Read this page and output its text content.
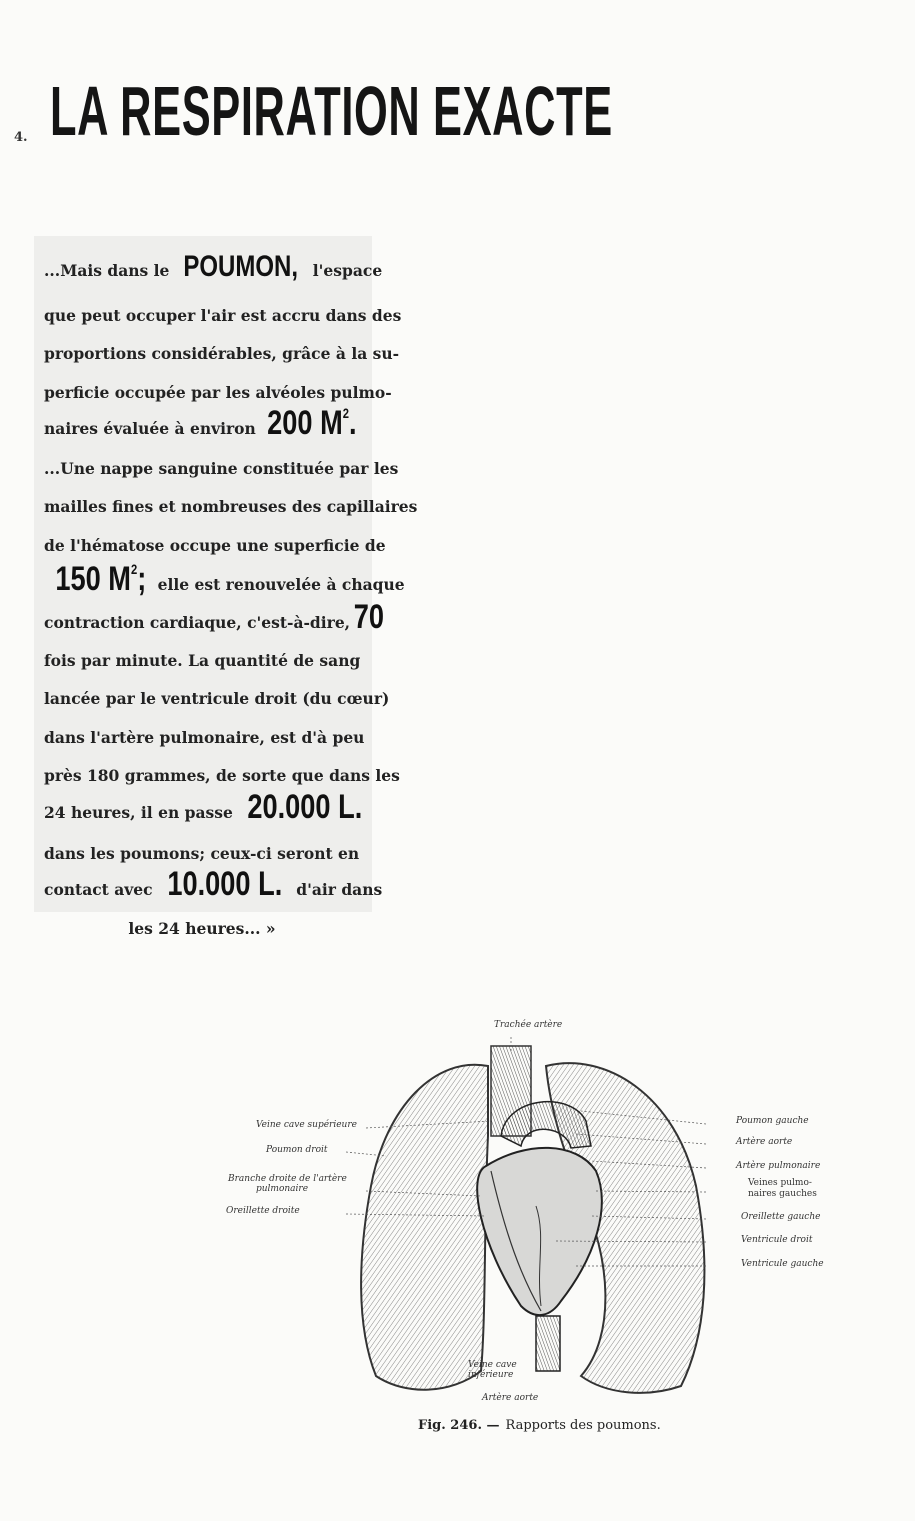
4. LA RESPIRATION EXACTE
...Mais dans le POUMON, l'espace
que peut occuper l'air est accru dans des
proportions considérables, grâce à la su-
perficie occupée par les alvéoles pulmo-
naires évaluée à environ 200 $M^2$.
...Une nappe sanguine constituée par les
mailles fines et nombreuses des capillaires
de l'hématose occupe une superficie de
150 $M^2$; elle est renouvelée à chaque
contraction cardiaque, c'est-à-dire, 70
fois par minute. La quantité de sang
lancée par le ventricule droit (du cœur)
dans l'artère pulmonaire, est d'à peu
près 180 grammes, de sorte que dans les
24 heures, il en passe 20.000 L.
dans les poumons; ceux-ci seront en
contact avec 10.000 L. d'air dans
les 24 heures... »
Trachée artère
Veine cave supérieure
Poumon droit
Branche droite de l'artère
pulmonaire
Oreillette droite
Poumon gauche
Artère aorte
Artère pulmonaire
Veines pulmo-
naires gauches
Oreillette gauche
Ventricule droit
Ventricule gauche
Veine cave
inférieure
Artère aorte
Fig. 246. — Rapports des poumons.
